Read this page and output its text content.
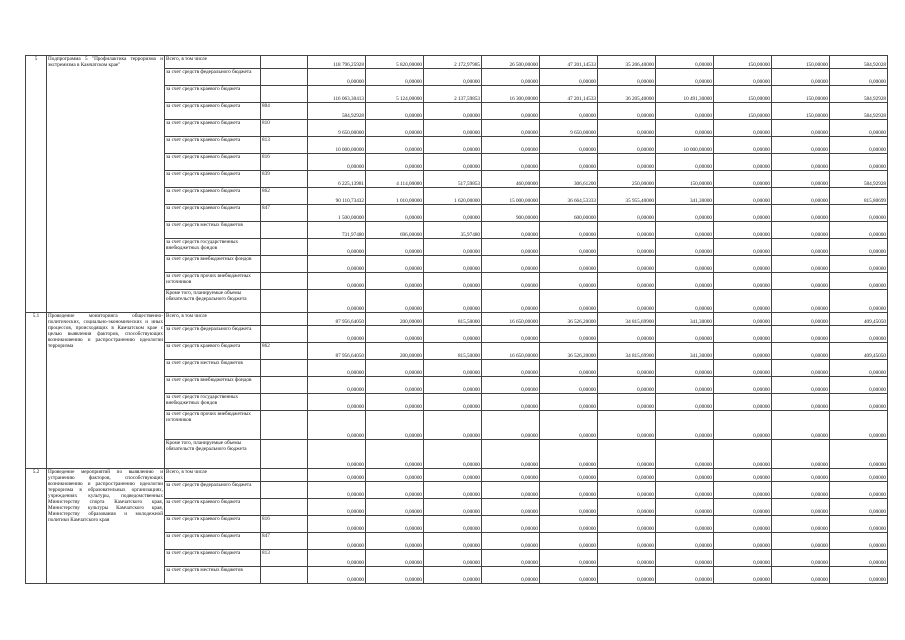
5	Подпрограмма 5 "Профилактика терроризма и экстремизма в Камчатском крае"	Всего, в том числе		118 796,25928	5 820,00000	2 172,97985	26 500,00000	47 201,14533	35 206,40000	0,00000	150,00000	150,00000	584,92028
		за счет средств федерального бюджета		0,00000	0,00000	0,00000	0,00000	0,00000	0,00000	0,00000	0,00000	0,00000	0,00000
		за счет средств краевого бюджета		116 063,30413	5 124,00000	2 137,59853	16 300,00000	47 201,14533	36 205,40000	10 491,30000	150,00000	150,00000	584,92928
		за счет средств краевого бюджета	804	584,92928	0,00000	0,00000	0,00000	0,00000	0,00000	0,00000	150,00000	150,00000	584,92928
		за счет средств краевого бюджета	810	9 650,00000	0,00000	0,00000	0,00000	9 650,00000	0,00000	0,00000	0,00000	0,00000	0,00000
		за счет средств краевого бюджета	813	10 000,00000	0,00000	0,00000	0,00000	0,00000	0,00000	10 000,00000	0,00000	0,00000	0,00000
		за счет средств краевого бюджета	816	0,00000	0,00000	0,00000	0,00000	0,00000	0,00000	0,00000	0,00000	0,00000	0,00000
		за счет средств краевого бюджета	839	6 225,13981	4 114,00000	517,59853	460,00000	306,61200	250,00000	150,00000	0,00000	0,00000	584,92928
		за счет средств краевого бюджета	862	90 110,73432	1 010,00000	1 620,00000	15 000,00000	36 664,53333	35 955,40000	341,30000	0,00000	0,00000	815,80699
		за счет средств краевого бюджета	847	1 500,00000	0,00000	0,00000	900,00000	600,00000	0,00000	0,00000	0,00000	0,00000	0,00000
		за счет средств местных бюджетов		731,97480	696,00000	35,97480	0,00000	0,00000	0,00000	0,00000	0,00000	0,00000	0,00000
		за счет средств государственных внебюджетных фондов		0,00000	0,00000	0,00000	0,00000	0,00000	0,00000	0,00000	0,00000	0,00000	0,00000
		за счет средств внебюджетных фондов		0,00000	0,00000	0,00000	0,00000	0,00000	0,00000	0,00000	0,00000	0,00000	0,00000
		за счет средств прочих внебюджетных источников		0,00000	0,00000	0,00000	0,00000	0,00000	0,00000	0,00000	0,00000	0,00000	0,00000
		Кроме того, планируемые объемы обязательств федерального бюджета		0,00000	0,00000	0,00000	0,00000	0,00000	0,00000	0,00000	0,00000	0,00000	0,00000
5.1	Проведение мониторинга общественно-политических, социально-экономических и иных процессов, происходящих в Камчатском крае с целью выявления факторов, способствующих возникновению и распространению идеологии терроризма	Всего, в том числе		87 956,64050	200,00000	815,50000	16 650,00000	36 526,20000	34 815,69900	341,30000	0,00000	0,00000	409,45050
		за счет средств федерального бюджета		0,00000	0,00000	0,00000	0,00000	0,00000	0,00000	0,00000	0,00000	0,00000	0,00000
		за счет средств краевого бюджета	862	87 956,64050	200,00000	815,50000	16 650,00000	36 526,20000	34 815,69900	341,30000	0,00000	0,00000	409,45050
		за счет средств местных бюджетов		0,00000	0,00000	0,00000	0,00000	0,00000	0,00000	0,00000	0,00000	0,00000	0,00000
		за счет средств внебюджетных фондов		0,00000	0,00000	0,00000	0,00000	0,00000	0,00000	0,00000	0,00000	0,00000	0,00000
		за счет средств государственных внебюджетных фондов		0,00000	0,00000	0,00000	0,00000	0,00000	0,00000	0,00000	0,00000	0,00000	0,00000
		за счет средств прочих внебюджетных источников		0,00000	0,00000	0,00000	0,00000	0,00000	0,00000	0,00000	0,00000	0,00000	0,00000
		Кроме того, планируемые объемы обязательств федерального бюджета		0,00000	0,00000	0,00000	0,00000	0,00000	0,00000	0,00000	0,00000	0,00000	0,00000
5.2	Проведение мероприятий по выявлению и устранению факторов, способствующих возникновению и распространению идеологии терроризма в образовательных организациях, учреждениях культуры, подведомственных Министерству спорта Камчатского края, Министерству культуры Камчатского края, Министерству образования и молодежной политики Камчатского края	Всего, в том числе		0,00000	0,00000	0,00000	0,00000	0,00000	0,00000	0,00000	0,00000	0,00000	0,00000
		за счет средств федерального бюджета		0,00000	0,00000	0,00000	0,00000	0,00000	0,00000	0,00000	0,00000	0,00000	0,00000
		за счет средств краевого бюджета		0,00000	0,00000	0,00000	0,00000	0,00000	0,00000	0,00000	0,00000	0,00000	0,00000
		за счет средств краевого бюджета	816	0,00000	0,00000	0,00000	0,00000	0,00000	0,00000	0,00000	0,00000	0,00000	0,00000
		за счет средств краевого бюджета	847	0,00000	0,00000	0,00000	0,00000	0,00000	0,00000	0,00000	0,00000	0,00000	0,00000
		за счет средств краевого бюджета	813	0,00000	0,00000	0,00000	0,00000	0,00000	0,00000	0,00000	0,00000	0,00000	0,00000
		за счет средств местных бюджетов		0,00000	0,00000	0,00000	0,00000	0,00000	0,00000	0,00000	0,00000	0,00000	0,00000
